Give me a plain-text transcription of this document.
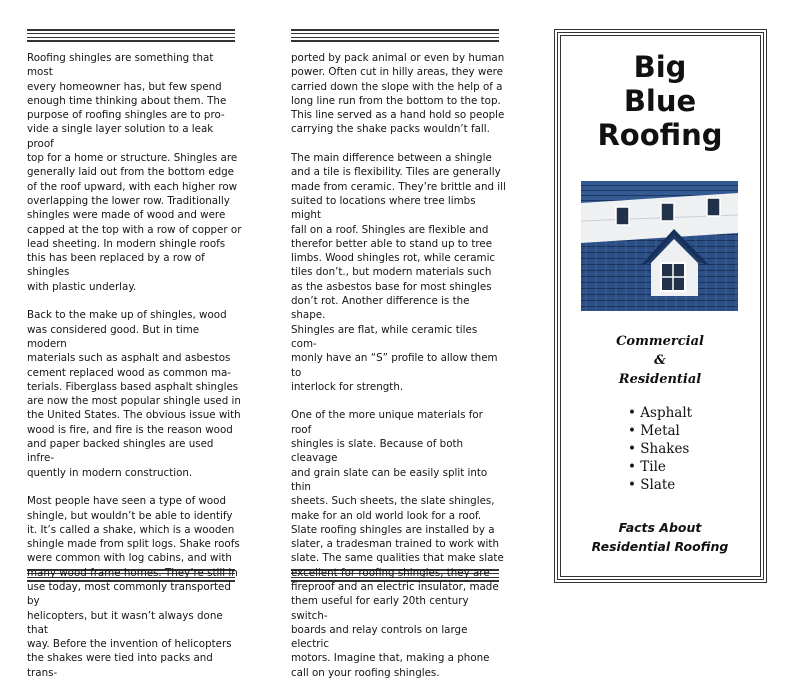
Roofing shingles are something that most
every homeowner has, but few spend
enough time thinking about them. The
purpose of roofing shingles are to pro-
vide a single layer solution to a leak proof
top for a home or structure. Shingles are
generally laid out from the bottom edge
of the roof upward, with each higher row
overlapping the lower row. Traditionally
shingles were made of wood and were
capped at the top with a row of copper or
lead sheeting. In modern shingle roofs
this has been replaced by a row of shingles
with plastic underlay.

Back to the make up of shingles, wood
was considered good. But in time modern
materials such as asphalt and asbestos
cement replaced wood as common ma-
terials. Fiberglass based asphalt shingles
are now the most popular shingle used in
the United States. The obvious issue with
wood is fire, and fire is the reason wood
and paper backed shingles are used infre-
quently in modern construction.

Most people have seen a type of wood
shingle, but wouldn’t be able to identify
it. It’s called a shake, which is a wooden
shingle made from split logs. Shake roofs
were common with log cabins, and with
many wood frame homes. They’re still in
use today, most commonly transported by
helicopters, but it wasn’t always done that
way. Before the invention of helicopters
the shakes were tied into packs and trans-

ported by pack animal or even by human
power. Often cut in hilly areas, they were
carried down the slope with the help of a
long line run from the bottom to the top.
This line served as a hand hold so people
carrying the shake packs wouldn’t fall.

The main difference between a shingle
and a tile is flexibility. Tiles are generally
made from ceramic. They’re brittle and ill
suited to locations where tree limbs might
fall on a roof. Shingles are flexible and
therefor better able to stand up to tree
limbs. Wood shingles rot, while ceramic
tiles don’t., but modern materials such
as the asbestos base for most shingles
don’t rot. Another difference is the shape.
Shingles are flat, while ceramic tiles com-
monly have an “S” profile to allow them to
interlock for strength.

One of the more unique materials for roof
shingles is slate. Because of both cleavage
and grain slate can be easily split into thin
sheets. Such sheets, the slate shingles,
make for an old world look for a roof.
Slate roofing shingles are installed by a
slater, a tradesman trained to work with
slate. The same qualities that make slate
excellent for roofing shingles, they are
fireproof and an electric insulator, made
them useful for early 20th century switch-
boards and relay controls on large electric
motors. Imagine that, making a phone
call on your roofing shingles.

Big
Blue
Roofing
Commercial
&
Residential
• Asphalt
• Metal
• Shakes
• Tile
• Slate
Facts About
Residential Roofing
